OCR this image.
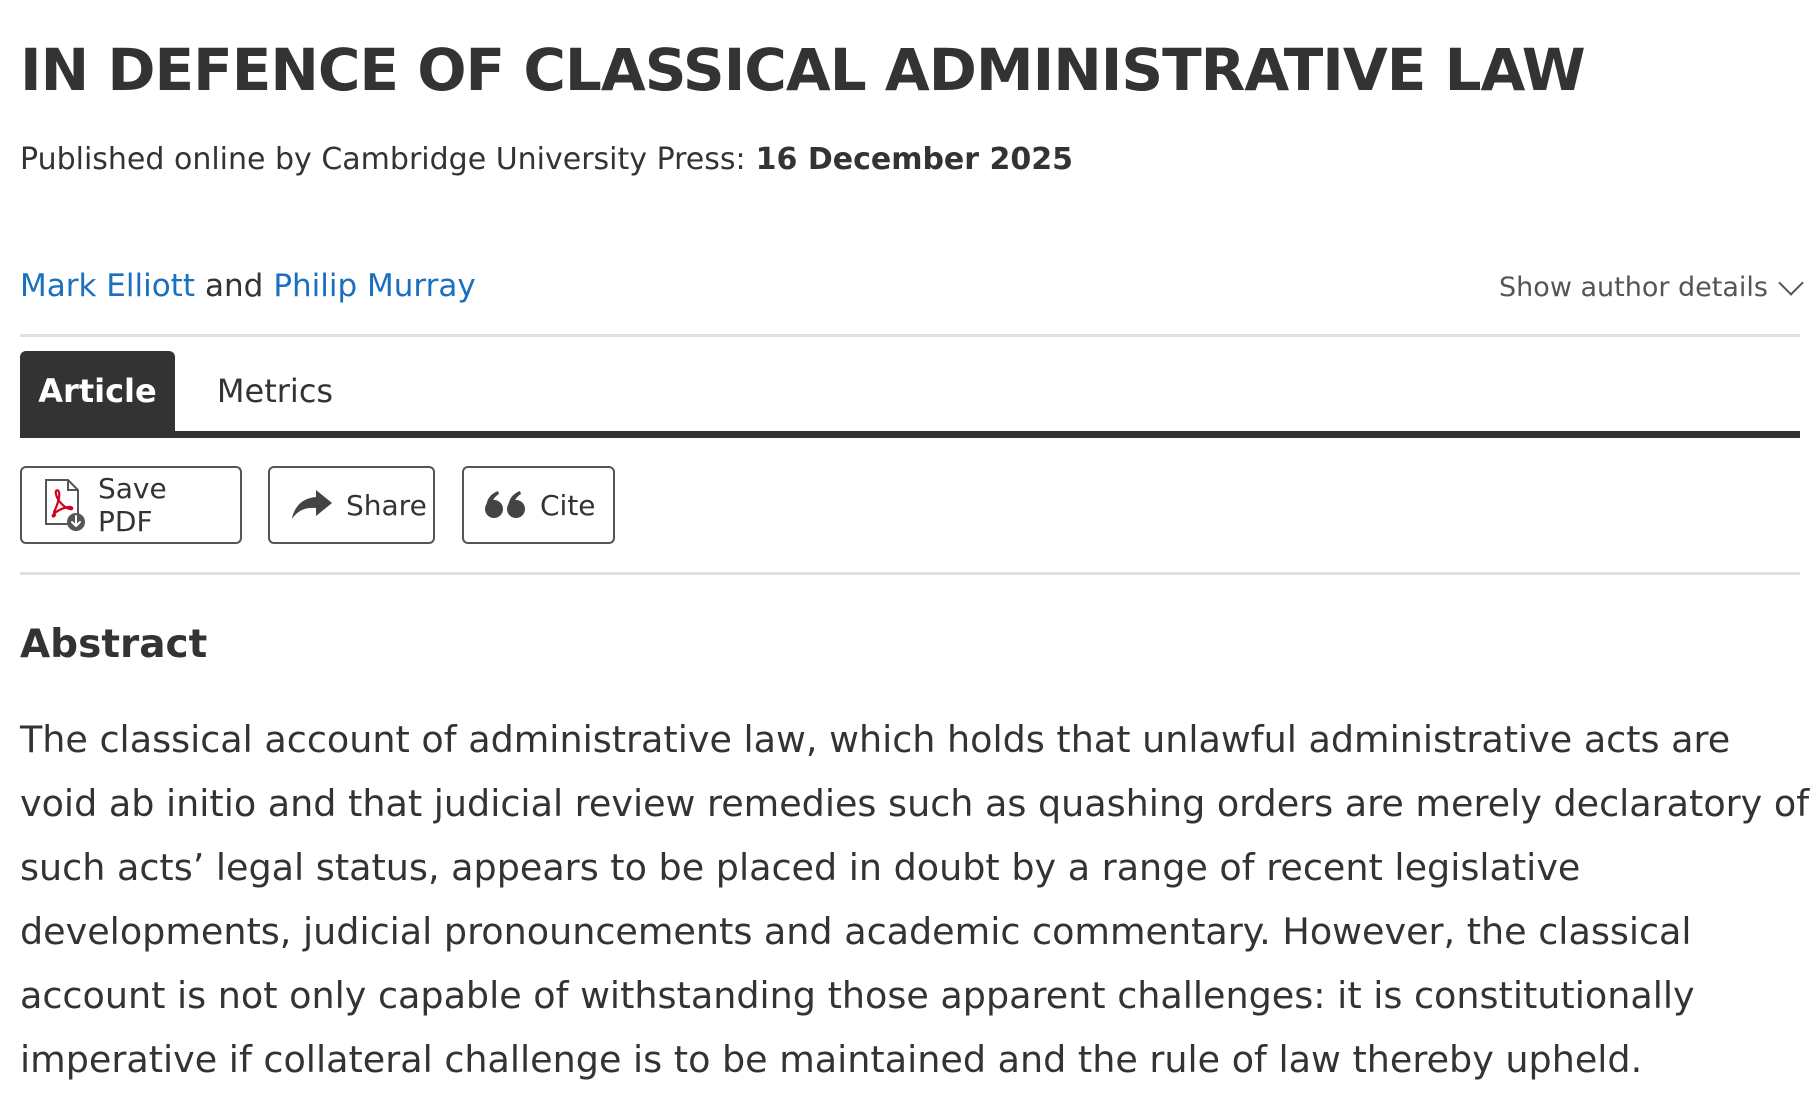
IN DEFENCE OF CLASSICAL ADMINISTRATIVE LAW
Published online by Cambridge University Press: 16 December 2025
Mark Elliott and Philip Murray	Show author details
Article	Metrics
Save PDF	Share	Cite
Abstract

The classical account of administrative law, which holds that unlawful administrative acts are void ab initio and that judicial review remedies such as quashing orders are merely declaratory of such acts’ legal status, appears to be placed in doubt by a range of recent legislative developments, judicial pronouncements and academic commentary. However, the classical account is not only capable of withstanding those apparent challenges: it is constitutionally imperative if collateral challenge is to be maintained and the rule of law thereby upheld.
